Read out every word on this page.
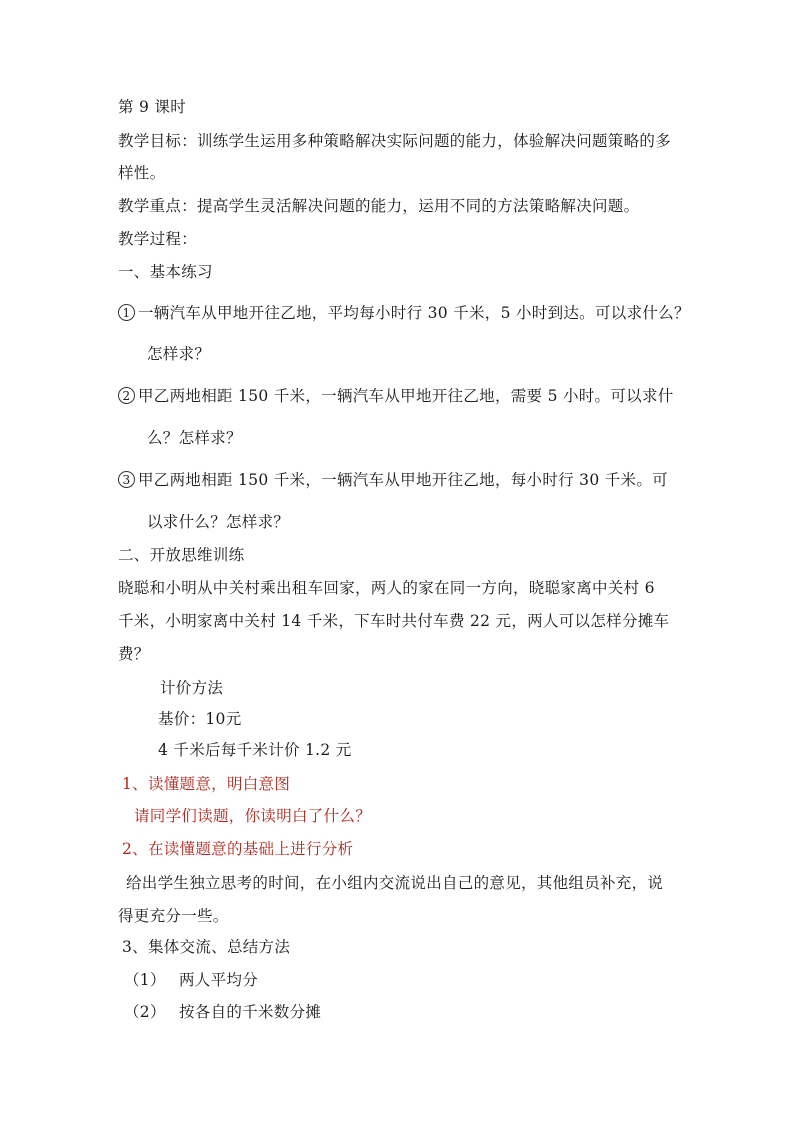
第 9 课时
教学目标：训练学生运用多种策略解决实际问题的能力，体验解决问题策略的多
样性。
教学重点：提高学生灵活解决问题的能力，运用不同的方法策略解决问题。
教学过程：
一、基本练习
1 一辆汽车从甲地开往乙地，平均每小时行 30 千米，5 小时到达。可以求什么？
怎样求？
2 甲乙两地相距 150 千米，一辆汽车从甲地开往乙地，需要 5 小时。可以求什
么？怎样求？
3 甲乙两地相距 150 千米，一辆汽车从甲地开往乙地，每小时行 30 千米。可
以求什么？怎样求？
二、开放思维训练
晓聪和小明从中关村乘出租车回家，两人的家在同一方向，晓聪家离中关村 6
千米，小明家离中关村 14 千米，下车时共付车费 22 元，两人可以怎样分摊车
费？
计价方法
基价：10元
4 千米后每千米计价 1.2 元
1、读懂题意，明白意图
请同学们读题，你读明白了什么？
2、在读懂题意的基础上进行分析
给出学生独立思考的时间，在小组内交流说出自己的意见，其他组员补充，说
得更充分一些。
3、集体交流、总结方法
（1） 两人平均分
（2） 按各自的千米数分摊
